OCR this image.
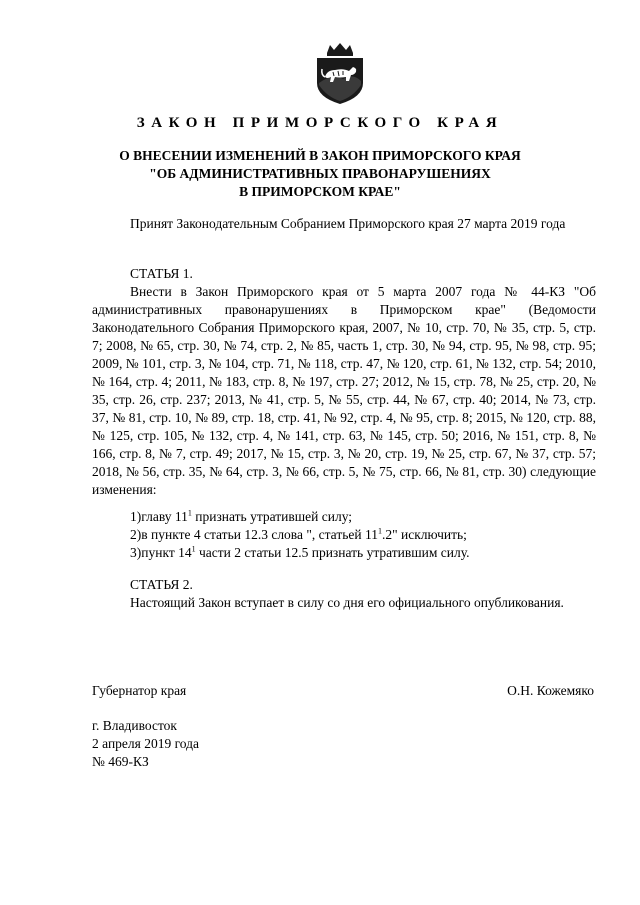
ЗАКОН ПРИМОРСКОГО КРАЯ
О ВНЕСЕНИИ ИЗМЕНЕНИЙ В ЗАКОН ПРИМОРСКОГО КРАЯ
"ОБ АДМИНИСТРАТИВНЫХ ПРАВОНАРУШЕНИЯХ
В ПРИМОРСКОМ КРАЕ"
Принят Законодательным Собранием Приморского края 27 марта 2019 года
СТАТЬЯ 1.
Внести в Закон Приморского края от 5 марта 2007 года № 44-КЗ "Об административных правонарушениях в Приморском крае" (Ведомости Законодательного Собрания Приморского края, 2007, № 10, стр. 70, № 35, стр. 5, стр. 7; 2008, № 65, стр. 30, № 74, стр. 2, № 85, часть 1, стр. 30, № 94, стр. 95, № 98, стр. 95; 2009, № 101, стр. 3, № 104, стр. 71, № 118, стр. 47, № 120, стр. 61, № 132, стр. 54; 2010, № 164, стр. 4; 2011, № 183, стр. 8, № 197, стр. 27; 2012, № 15, стр. 78, № 25, стр. 20, № 35, стр. 26, стр. 237; 2013, № 41, стр. 5, № 55, стр. 44, № 67, стр. 40; 2014, № 73, стр. 37, № 81, стр. 10, № 89, стр. 18, стр. 41, № 92, стр. 4, № 95, стр. 8; 2015, № 120, стр. 88, № 125, стр. 105, № 132, стр. 4, № 141, стр. 63, № 145, стр. 50; 2016, № 151, стр. 8, № 166, стр. 8, № 7, стр. 49; 2017, № 15, стр. 3, № 20, стр. 19, № 25, стр. 67, № 37, стр. 57; 2018, № 56, стр. 35, № 64, стр. 3, № 66, стр. 5, № 75, стр. 66, № 81, стр. 30) следующие изменения:
1)главу $11^1$ признать утратившей силу;
2)в пункте 4 статьи 12.3 слова ", статьей $11^1.2$" исключить;
3)пункт $14^1$ части 2 статьи 12.5 признать утратившим силу.
СТАТЬЯ 2.
Настоящий Закон вступает в силу со дня его официального опубликования.
Губернатор края	О.Н. Кожемяко
г. Владивосток
2 апреля 2019 года
№ 469-КЗ
